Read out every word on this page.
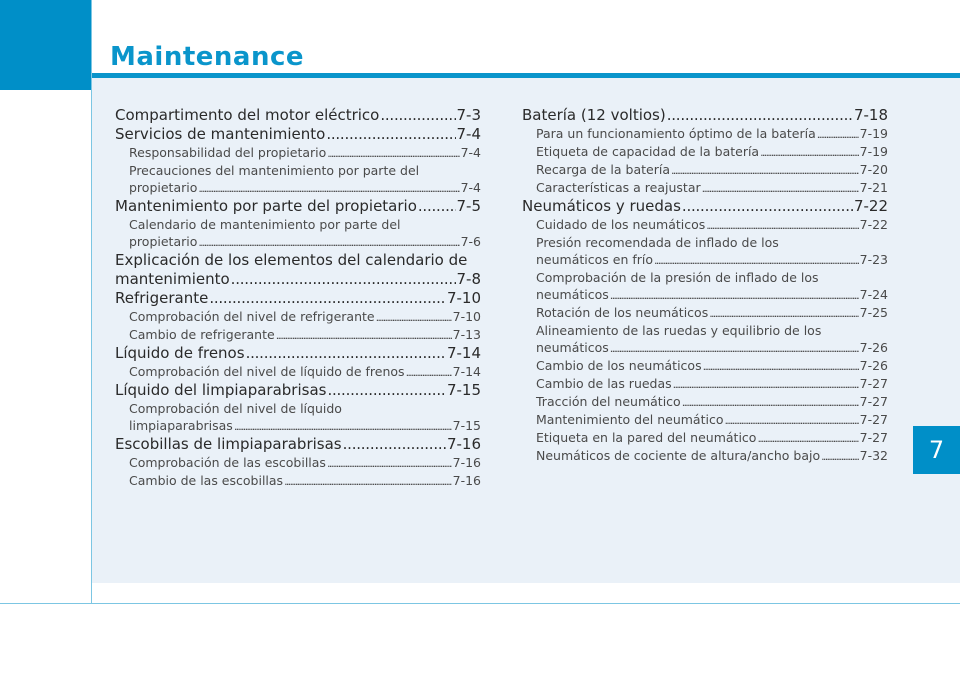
Maintenance
7
Compartimento del motor eléctrico . . .	7-3
Servicios de mantenimiento . . .	7-4
Responsabilidad del propietario . . .	7-4
Precauciones del mantenimiento por parte del
propietario . . .	7-4
Mantenimiento por parte del propietario . . .	7-5
Calendario de mantenimiento por parte del
propietario . . .	7-6
Explicación de los elementos del calendario de
mantenimiento . . .	7-8
Refrigerante . . .	7-10
Comprobación del nivel de refrigerante . . .	7-10
Cambio de refrigerante . . .	7-13
Líquido de frenos . . .	7-14
Comprobación del nivel de líquido de frenos . . .	7-14
Líquido del limpiaparabrisas . . .	7-15
Comprobación del nivel de líquido
limpiaparabrisas . . .	7-15
Escobillas de limpiaparabrisas . . .	7-16
Comprobación de las escobillas . . .	7-16
Cambio de las escobillas . . .	7-16
Batería (12 voltios) . . .	7-18
Para un funcionamiento óptimo de la batería . . .	7-19
Etiqueta de capacidad de la batería . . .	7-19
Recarga de la batería . . .	7-20
Características a reajustar . . .	7-21
Neumáticos y ruedas . . .	7-22
Cuidado de los neumáticos . . .	7-22
Presión recomendada de inflado de los
neumáticos en frío . . .	7-23
Comprobación de la presión de inflado de los
neumáticos . . .	7-24
Rotación de los neumáticos . . .	7-25
Alineamiento de las ruedas y equilibrio de los
neumáticos . . .	7-26
Cambio de los neumáticos . . .	7-26
Cambio de las ruedas . . .	7-27
Tracción del neumático . . .	7-27
Mantenimiento del neumático . . .	7-27
Etiqueta en la pared del neumático . . .	7-27
Neumáticos de cociente de altura/ancho bajo . . .	7-32
